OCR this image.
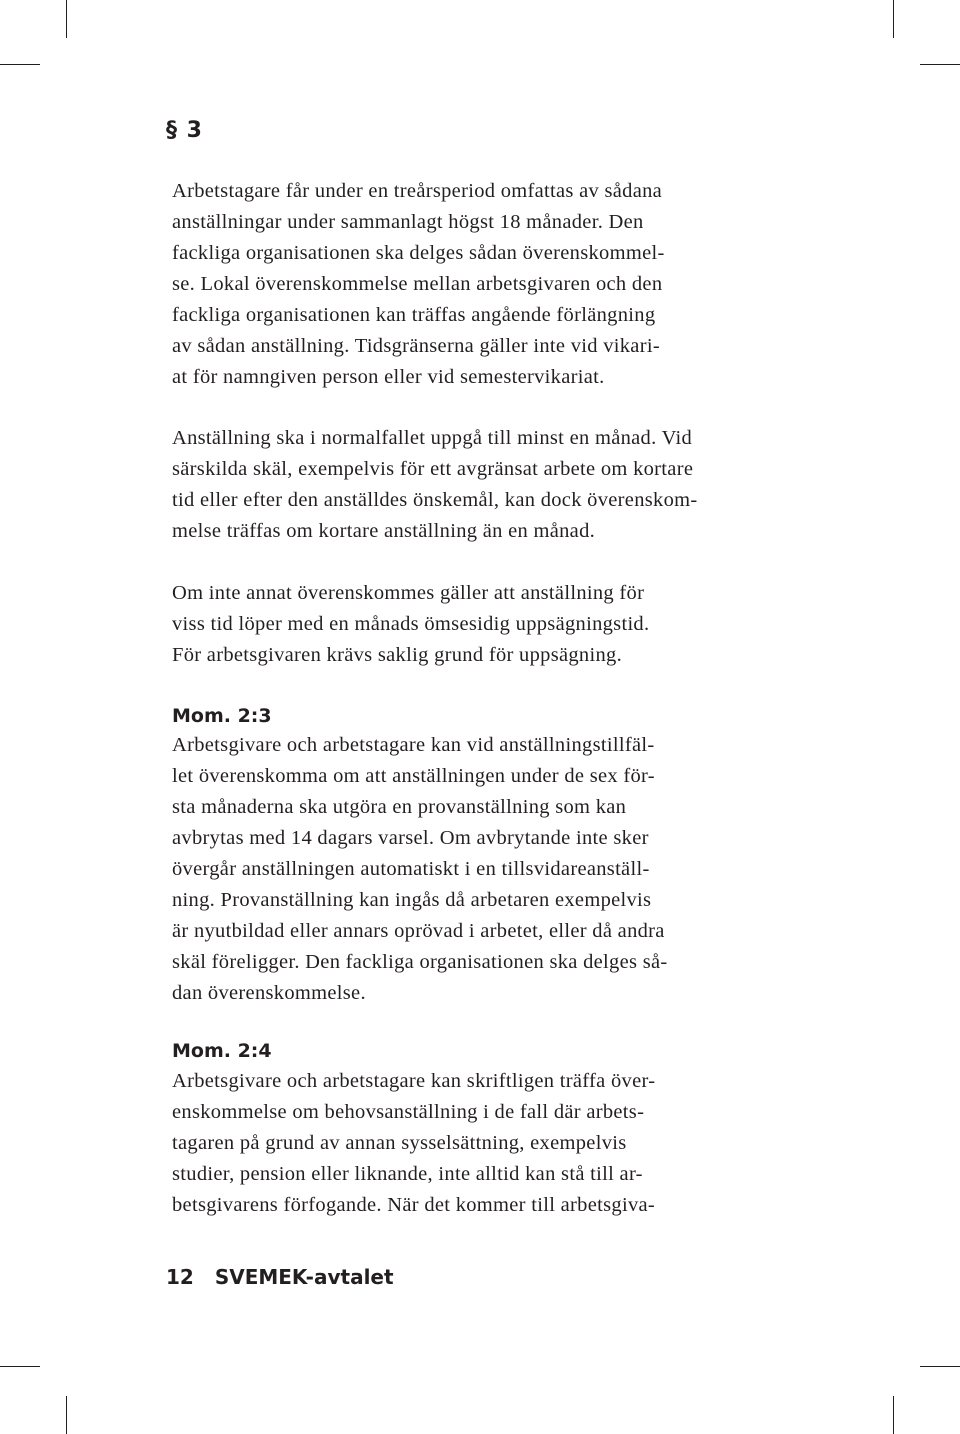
§ 3

Arbetstagare får under en treårsperiod omfattas av sådana
anställningar under sammanlagt högst 18 månader. Den
fackliga organisationen ska delges sådan överenskommel-
se. Lokal överenskommelse mellan arbetsgivaren och den
fackliga organisationen kan träffas angående förlängning
av sådan anställning. Tidsgränserna gäller inte vid vikari-
at för namngiven person eller vid semestervikariat.

Anställning ska i normalfallet uppgå till minst en månad. Vid
särskilda skäl, exempelvis för ett avgränsat arbete om kortare
tid eller efter den anställdes önskemål, kan dock överenskom-
melse träffas om kortare anställning än en månad.

Om inte annat överenskommes gäller att anställning för
viss tid löper med en månads ömsesidig uppsägningstid.
För arbetsgivaren krävs saklig grund för uppsägning.

Mom. 2:3

Arbetsgivare och arbetstagare kan vid anställningstillfäl-
let överenskomma om att anställningen under de sex för-
sta månaderna ska utgöra en provanställning som kan
avbrytas med 14 dagars varsel. Om avbrytande inte sker
övergår anställningen automatiskt i en tillsvidareanställ-
ning. Provanställning kan ingås då arbetaren exempelvis
är nyutbildad eller annars oprövad i arbetet, eller då andra
skäl föreligger. Den fackliga organisationen ska delges så-
dan överenskommelse.

Mom. 2:4

Arbetsgivare och arbetstagare kan skriftligen träffa över-
enskommelse om behovsanställning i de fall där arbets-
tagaren på grund av annan sysselsättning, exempelvis
studier, pension eller liknande, inte alltid kan stå till ar-
betsgivarens förfogande. När det kommer till arbetsgiva-

12 SVEMEK-avtalet
